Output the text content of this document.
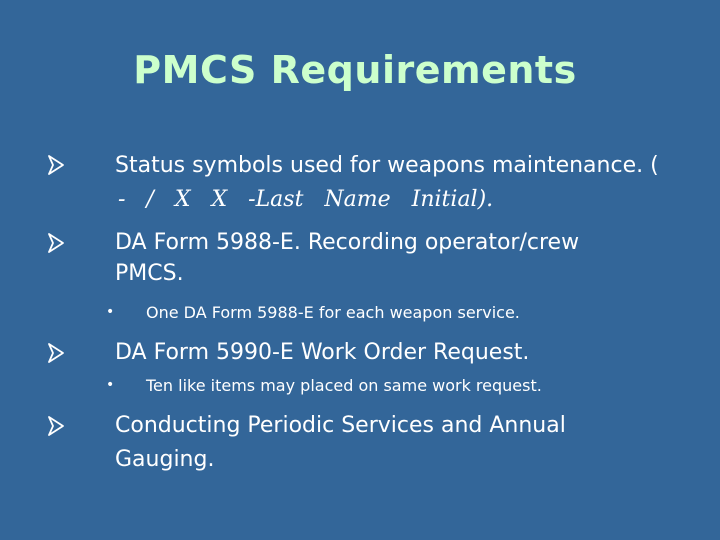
PMCS Requirements
Status symbols used for weapons maintenance. (
- / X X -Last Name Initial).
DA Form 5988-E. Recording operator/crew
PMCS.
• One DA Form 5988-E for each weapon service.
DA Form 5990-E Work Order Request.
• Ten like items may placed on same work request.
Conducting Periodic Services and Annual
Gauging.
